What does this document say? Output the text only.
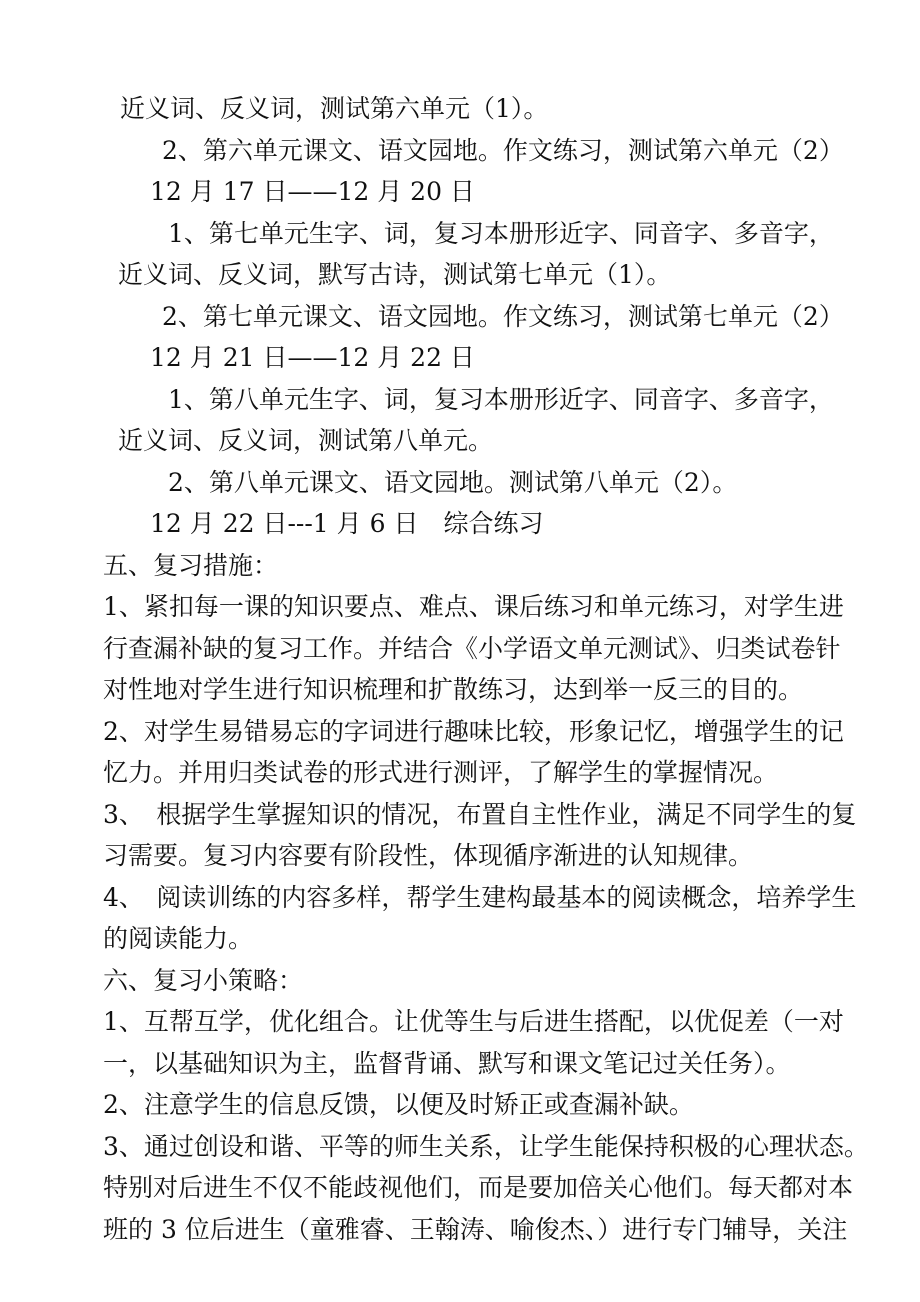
近义词、反义词，测试第六单元（1）。
2、第六单元课文、语文园地。作文练习，测试第六单元（2）
12 月 17 日——12 月 20 日
1、第七单元生字、词，复习本册形近字、同音字、多音字，
近义词、反义词，默写古诗，测试第七单元（1）。
2、第七单元课文、语文园地。作文练习，测试第七单元（2）
12 月 21 日——12 月 22 日
1、第八单元生字、词，复习本册形近字、同音字、多音字，
近义词、反义词，测试第八单元。
2、第八单元课文、语文园地。测试第八单元（2）。
12 月 22 日---1 月 6 日　综合练习
五、复习措施：
1、紧扣每一课的知识要点、难点、课后练习和单元练习，对学生进
行查漏补缺的复习工作。并结合《小学语文单元测试》、归类试卷针
对性地对学生进行知识梳理和扩散练习，达到举一反三的目的。
2、对学生易错易忘的字词进行趣味比较，形象记忆，增强学生的记
忆力。并用归类试卷的形式进行测评，了解学生的掌握情况。
3、　根据学生掌握知识的情况，布置自主性作业，满足不同学生的复
习需要。复习内容要有阶段性，体现循序渐进的认知规律。
4、　阅读训练的内容多样，帮学生建构最基本的阅读概念，培养学生
的阅读能力。
六、复习小策略：
1、互帮互学，优化组合。让优等生与后进生搭配，以优促差（一对
一，以基础知识为主，监督背诵、默写和课文笔记过关任务）。
2、注意学生的信息反馈，以便及时矫正或查漏补缺。
3、通过创设和谐、平等的师生关系，让学生能保持积极的心理状态。
特别对后进生不仅不能歧视他们，而是要加倍关心他们。每天都对本
班的 3 位后进生（童雅睿、王翰涛、喻俊杰、）进行专门辅导，关注
